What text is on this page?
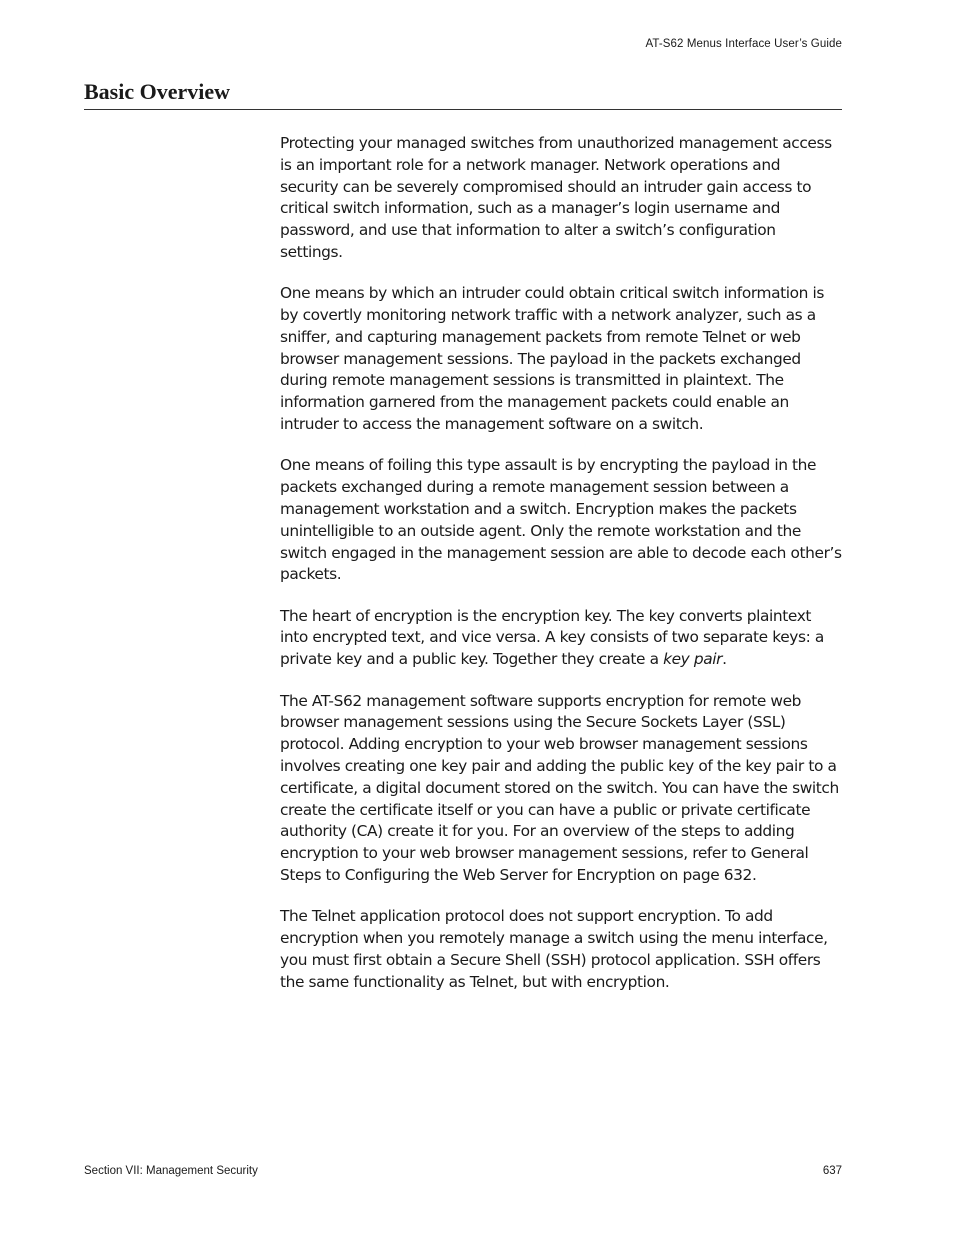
AT-S62 Menus Interface User’s Guide
Basic Overview

Protecting your managed switches from unauthorized management access is an important role for a network manager. Network operations and security can be severely compromised should an intruder gain access to critical switch information, such as a manager’s login username and password, and use that information to alter a switch’s configuration settings.

One means by which an intruder could obtain critical switch information is by covertly monitoring network traffic with a network analyzer, such as a sniffer, and capturing management packets from remote Telnet or web browser management sessions. The payload in the packets exchanged during remote management sessions is transmitted in plaintext. The information garnered from the management packets could enable an intruder to access the management software on a switch.

One means of foiling this type assault is by encrypting the payload in the packets exchanged during a remote management session between a management workstation and a switch. Encryption makes the packets unintelligible to an outside agent. Only the remote workstation and the switch engaged in the management session are able to decode each other’s packets.

The heart of encryption is the encryption key. The key converts plaintext into encrypted text, and vice versa. A key consists of two separate keys: a private key and a public key. Together they create a key pair.

The AT-S62 management software supports encryption for remote web browser management sessions using the Secure Sockets Layer (SSL) protocol. Adding encryption to your web browser management sessions involves creating one key pair and adding the public key of the key pair to a certificate, a digital document stored on the switch. You can have the switch create the certificate itself or you can have a public or private certificate authority (CA) create it for you. For an overview of the steps to adding encryption to your web browser management sessions, refer to General Steps to Configuring the Web Server for Encryption on page 632.

The Telnet application protocol does not support encryption. To add encryption when you remotely manage a switch using the menu interface, you must first obtain a Secure Shell (SSH) protocol application. SSH offers the same functionality as Telnet, but with encryption.

Section VII: Management Security	637
